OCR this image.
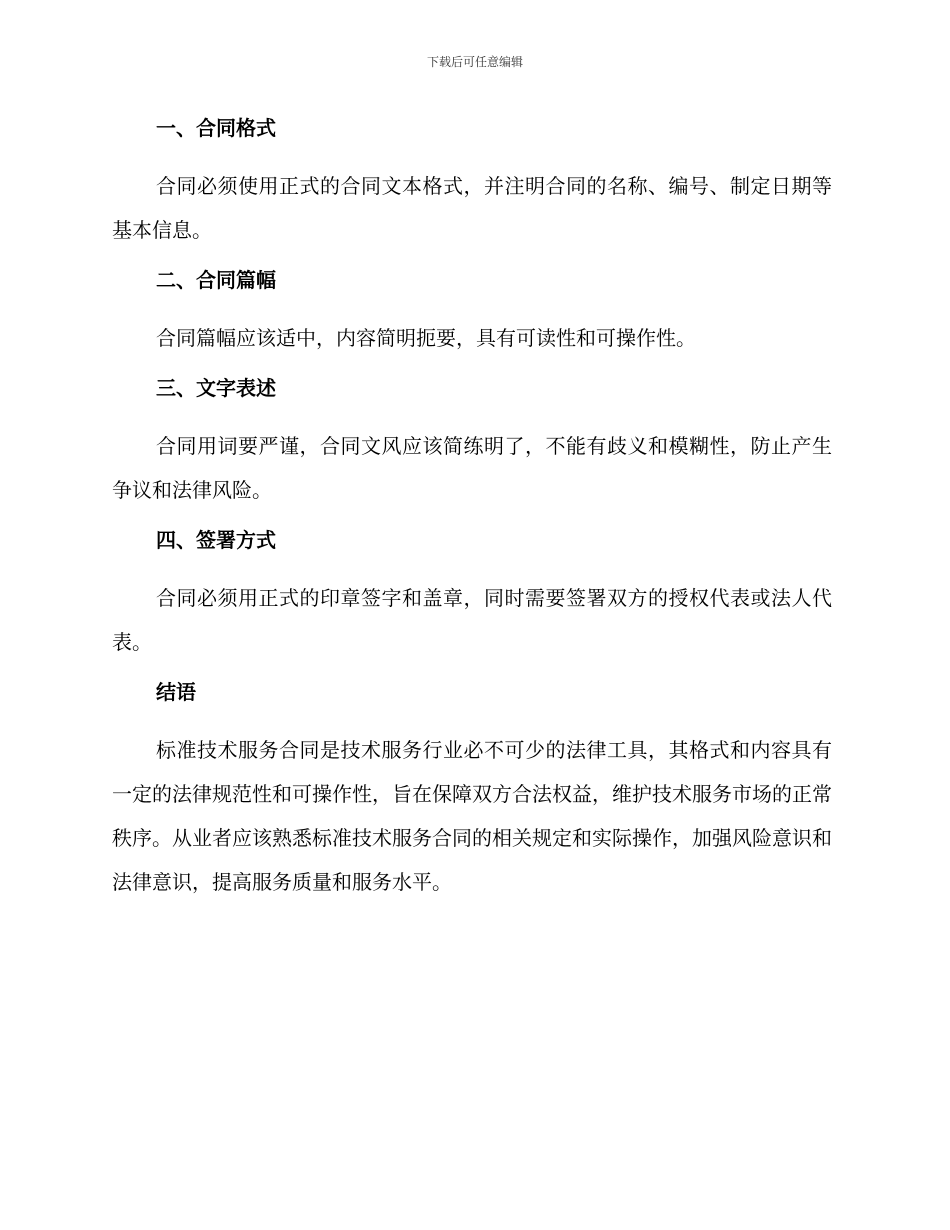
下载后可任意编辑
一、合同格式

合同必须使用正式的合同文本格式，并注明合同的名称、编号、制定日期等基本信息。

二、合同篇幅

合同篇幅应该适中，内容简明扼要，具有可读性和可操作性。

三、文字表述

合同用词要严谨，合同文风应该简练明了，不能有歧义和模糊性，防止产生争议和法律风险。

四、签署方式

合同必须用正式的印章签字和盖章，同时需要签署双方的授权代表或法人代表。

结语

标准技术服务合同是技术服务行业必不可少的法律工具，其格式和内容具有一定的法律规范性和可操作性，旨在保障双方合法权益，维护技术服务市场的正常秩序。从业者应该熟悉标准技术服务合同的相关规定和实际操作，加强风险意识和法律意识，提高服务质量和服务水平。
